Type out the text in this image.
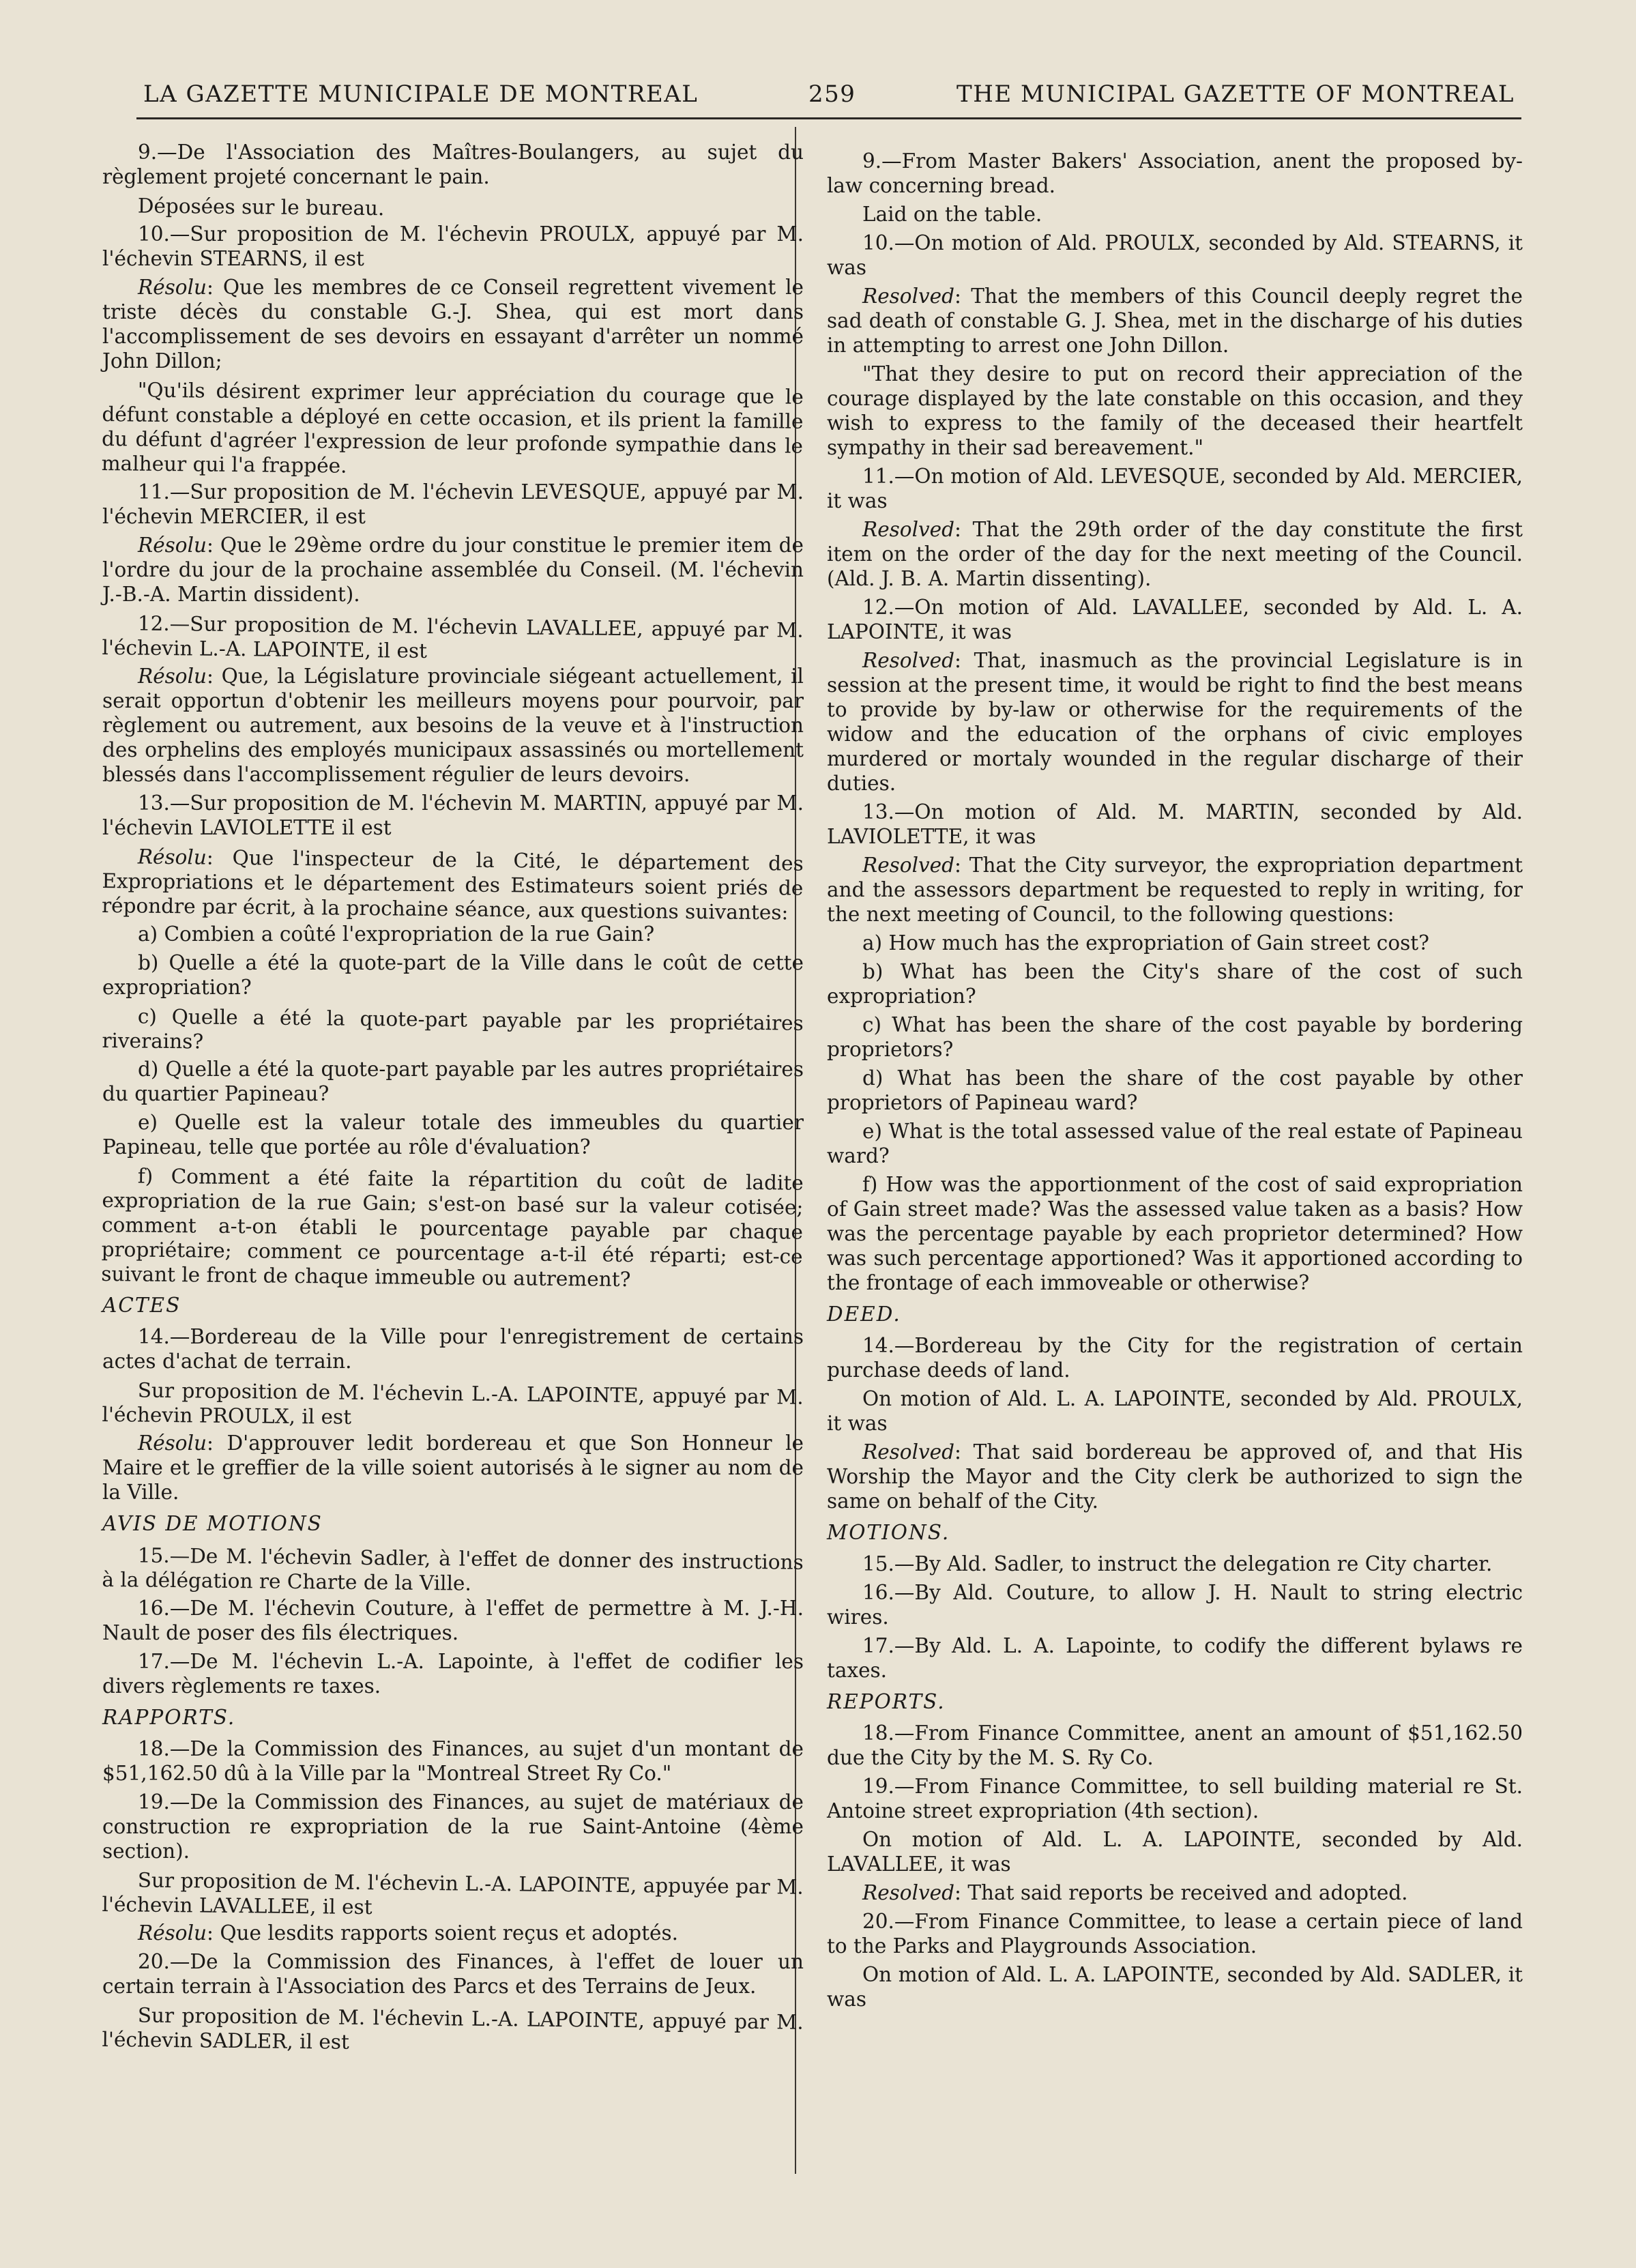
LA GAZETTE MUNICIPALE DE MONTREAL	259	THE MUNICIPAL GAZETTE OF MONTREAL

9.—De l'Association des Maîtres-Boulangers, au sujet du règlement projeté concernant le pain.

Déposées sur le bureau.

10.—Sur proposition de M. l'échevin PROULX, appuyé par M. l'échevin STEARNS, il est

Résolu: Que les membres de ce Conseil regrettent vivement le triste décès du constable G.-J. Shea, qui est mort dans l'accomplissement de ses devoirs en essayant d'arrêter un nommé John Dillon;

"Qu'ils désirent exprimer leur appréciation du courage que le défunt constable a déployé en cette occasion, et ils prient la famille du défunt d'agréer l'expression de leur profonde sympathie dans le malheur qui l'a frappée.

11.—Sur proposition de M. l'échevin LEVESQUE, appuyé par M. l'échevin MERCIER, il est

Résolu: Que le 29ème ordre du jour constitue le premier item de l'ordre du jour de la prochaine assemblée du Conseil. (M. l'échevin J.-B.-A. Martin dissident).

12.—Sur proposition de M. l'échevin LAVALLEE, appuyé par M. l'échevin L.-A. LAPOINTE, il est

Résolu: Que, la Législature provinciale siégeant actuellement, il serait opportun d'obtenir les meilleurs moyens pour pourvoir, par règlement ou autrement, aux besoins de la veuve et à l'instruction des orphelins des employés municipaux assassinés ou mortellement blessés dans l'accomplissement régulier de leurs devoirs.

13.—Sur proposition de M. l'échevin M. MARTIN, appuyé par M. l'échevin LAVIOLETTE il est

Résolu: Que l'inspecteur de la Cité, le département des Expropriations et le département des Estimateurs soient priés de répondre par écrit, à la prochaine séance, aux questions suivantes:

a) Combien a coûté l'expropriation de la rue Gain?

b) Quelle a été la quote-part de la Ville dans le coût de cette expropriation?

c) Quelle a été la quote-part payable par les propriétaires riverains?

d) Quelle a été la quote-part payable par les autres propriétaires du quartier Papineau?

e) Quelle est la valeur totale des immeubles du quartier Papineau, telle que portée au rôle d'évaluation?

f) Comment a été faite la répartition du coût de ladite expropriation de la rue Gain; s'est-on basé sur la valeur cotisée; comment a-t-on établi le pourcentage payable par chaque propriétaire; comment ce pourcentage a-t-il été réparti; est-ce suivant le front de chaque immeuble ou autrement?

ACTES

14.—Bordereau de la Ville pour l'enregistrement de certains actes d'achat de terrain.

Sur proposition de M. l'échevin L.-A. LAPOINTE, appuyé par M. l'échevin PROULX, il est

Résolu: D'approuver ledit bordereau et que Son Honneur le Maire et le greffier de la ville soient autorisés à le signer au nom de la Ville.

AVIS DE MOTIONS

15.—De M. l'échevin Sadler, à l'effet de donner des instructions à la délégation re Charte de la Ville.

16.—De M. l'échevin Couture, à l'effet de permettre à M. J.-H. Nault de poser des fils électriques.

17.—De M. l'échevin L.-A. Lapointe, à l'effet de codifier les divers règlements re taxes.

RAPPORTS.

18.—De la Commission des Finances, au sujet d'un montant de $51,162.50 dû à la Ville par la "Montreal Street Ry Co."

19.—De la Commission des Finances, au sujet de matériaux de construction re expropriation de la rue Saint-Antoine (4ème section).

Sur proposition de M. l'échevin L.-A. LAPOINTE, appuyée par M. l'échevin LAVALLEE, il est

Résolu: Que lesdits rapports soient reçus et adoptés.

20.—De la Commission des Finances, à l'effet de louer un certain terrain à l'Association des Parcs et des Terrains de Jeux.

Sur proposition de M. l'échevin L.-A. LAPOINTE, appuyé par M. l'échevin SADLER, il est

9.—From Master Bakers' Association, anent the proposed by-law concerning bread.

Laid on the table.

10.—On motion of Ald. PROULX, seconded by Ald. STEARNS, it was

Resolved: That the members of this Council deeply regret the sad death of constable G. J. Shea, met in the discharge of his duties in attempting to arrest one John Dillon.

"That they desire to put on record their appreciation of the courage displayed by the late constable on this occasion, and they wish to express to the family of the deceased their heartfelt sympathy in their sad bereavement."

11.—On motion of Ald. LEVESQUE, seconded by Ald. MERCIER, it was

Resolved: That the 29th order of the day constitute the first item on the order of the day for the next meeting of the Council. (Ald. J. B. A. Martin dissenting).

12.—On motion of Ald. LAVALLEE, seconded by Ald. L. A. LAPOINTE, it was

Resolved: That, inasmuch as the provincial Legislature is in session at the present time, it would be right to find the best means to provide by by-law or otherwise for the requirements of the widow and the education of the orphans of civic employes murdered or mortaly wounded in the regular discharge of their duties.

13.—On motion of Ald. M. MARTIN, seconded by Ald. LAVIOLETTE, it was

Resolved: That the City surveyor, the expropriation department and the assessors department be requested to reply in writing, for the next meeting of Council, to the following questions:

a) How much has the expropriation of Gain street cost?

b) What has been the City's share of the cost of such expropriation?

c) What has been the share of the cost payable by bordering proprietors?

d) What has been the share of the cost payable by other proprietors of Papineau ward?

e) What is the total assessed value of the real estate of Papineau ward?

f) How was the apportionment of the cost of said expropriation of Gain street made? Was the assessed value taken as a basis? How was the percentage payable by each proprietor determined? How was such percentage apportioned? Was it apportioned according to the frontage of each immoveable or otherwise?

DEED.

14.—Bordereau by the City for the registration of certain purchase deeds of land.

On motion of Ald. L. A. LAPOINTE, seconded by Ald. PROULX, it was

Resolved: That said bordereau be approved of, and that His Worship the Mayor and the City clerk be authorized to sign the same on behalf of the City.

MOTIONS.

15.—By Ald. Sadler, to instruct the delegation re City charter.

16.—By Ald. Couture, to allow J. H. Nault to string electric wires.

17.—By Ald. L. A. Lapointe, to codify the different bylaws re taxes.

REPORTS.

18.—From Finance Committee, anent an amount of $51,162.50 due the City by the M. S. Ry Co.

19.—From Finance Committee, to sell building material re St. Antoine street expropriation (4th section).

On motion of Ald. L. A. LAPOINTE, seconded by Ald. LAVALLEE, it was

Resolved: That said reports be received and adopted.

20.—From Finance Committee, to lease a certain piece of land to the Parks and Playgrounds Association.

On motion of Ald. L. A. LAPOINTE, seconded by Ald. SADLER, it was
